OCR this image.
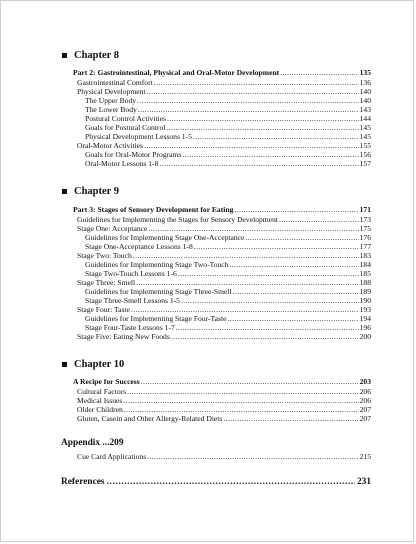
Chapter 8
Part 2: Gastrointestinal, Physical and Oral-Motor Development .....	135
Gastrointestinal Comfort .....	136
Physical Development .....	140
The Upper Body .....	140
The Lower Body .....	143
Postural Control Activities .....	144
Goals for Postural Control .....	145
Physical Development Lessons 1-5 .....	145
Oral-Motor Activities .....	155
Goals for Oral-Motor Programs .....	156
Oral-Motor Lessons 1-8 .....	157
Chapter 9
Part 3: Stages of Sensory Development for Eating .....	171
Guidelines for Implementing the Stages for Sensory Development .....	173
Stage One: Acceptance .....	175
Guidelines for Implementing Stage One-Acceptance .....	176
Stage One-Acceptance Lessons 1-8 .....	177
Stage Two: Touch .....	183
Guidelines for Implementing Stage Two-Touch .....	184
Stage Two-Touch Lessons 1-6 .....	185
Stage Three: Smell .....	188
Guidelines for Implementing Stage Three-Smell .....	189
Stage Three-Smell Lessons 1-5 .....	190
Stage Four: Taste .....	193
Guidelines for Implementing Stage Four-Taste .....	194
Stage Four-Taste Lessons 1-7 .....	196
Stage Five: Eating New Foods .....	200
Chapter 10
A Recipe for Success .....	203
Cultural Factors .....	206
Medical Issues .....	206
Older Children .....	207
Gluten, Casein and Other Allergy-Related Diets .....	207
Appendix ...209
Cue Card Applications .....	215
References .....	231
